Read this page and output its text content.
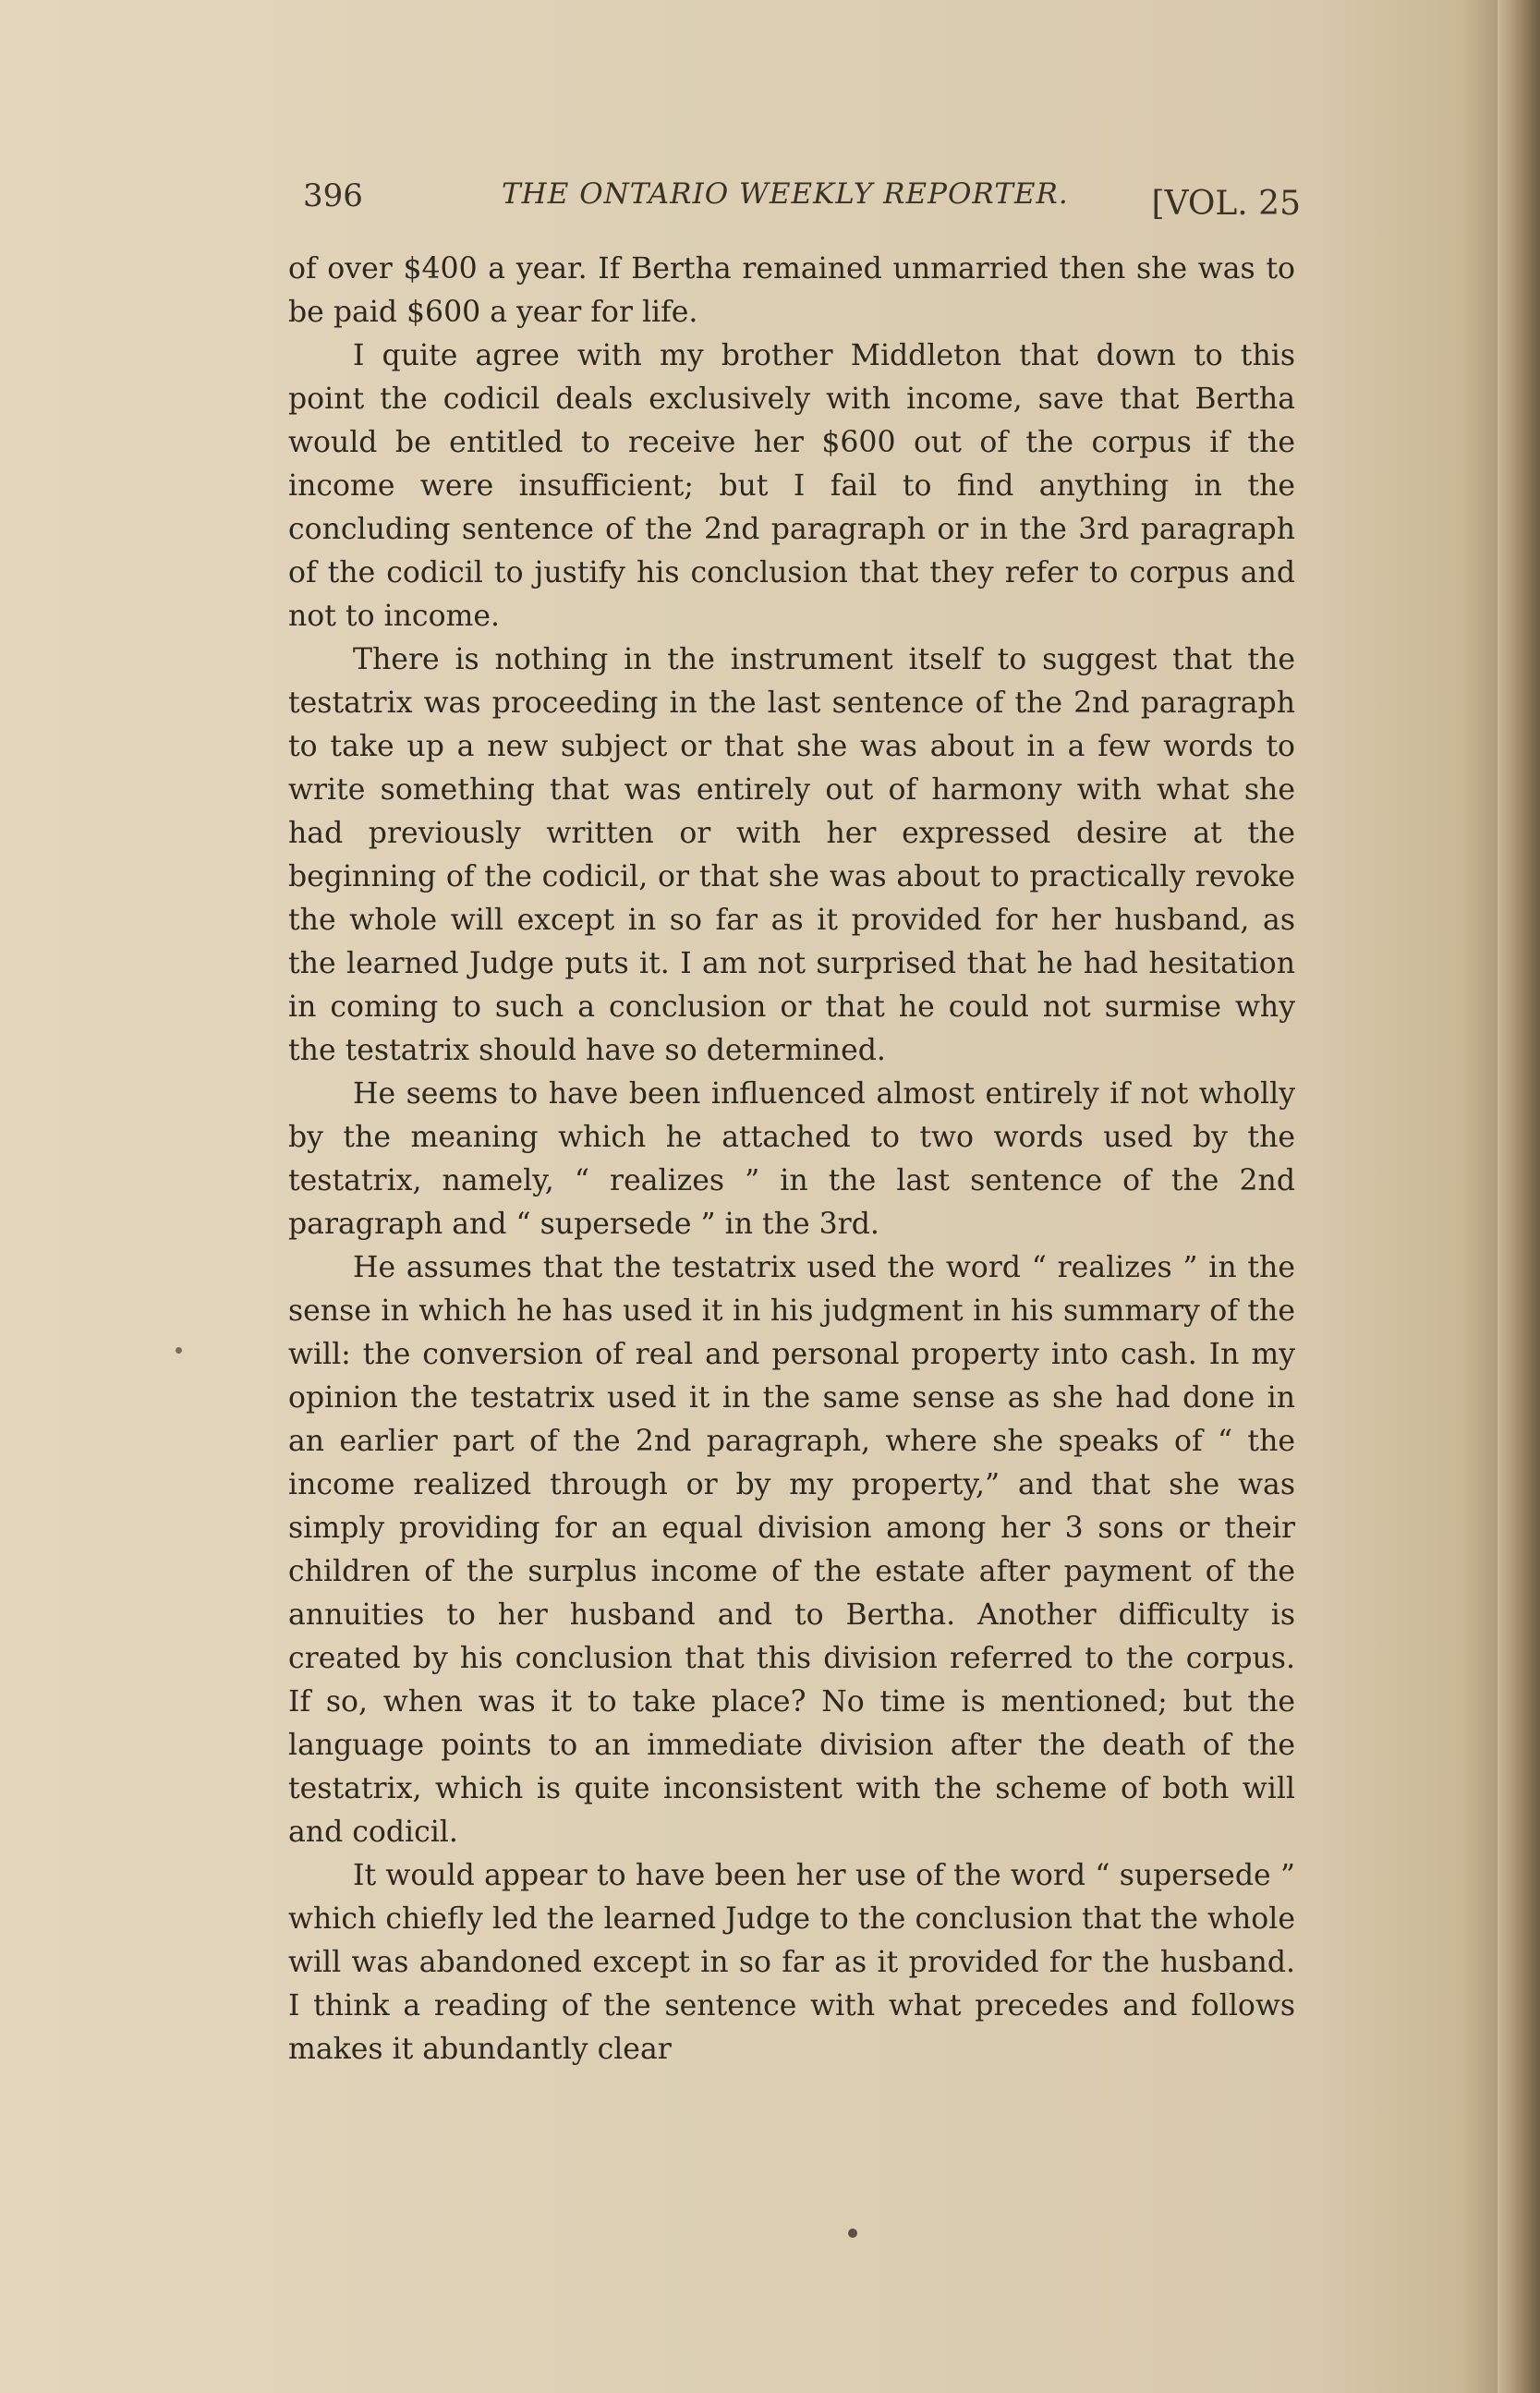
396	THE ONTARIO WEEKLY REPORTER. [VOL. 25

of over $400 a year. If Bertha remained unmarried then she was to be paid $600 a year for life.

I quite agree with my brother Middleton that down to this point the codicil deals exclusively with income, save that Bertha would be entitled to receive her $600 out of the corpus if the income were insufficient; but I fail to find anything in the concluding sentence of the 2nd paragraph or in the 3rd paragraph of the codicil to justify his conclusion that they refer to corpus and not to income.

There is nothing in the instrument itself to suggest that the testatrix was proceeding in the last sentence of the 2nd paragraph to take up a new subject or that she was about in a few words to write something that was entirely out of harmony with what she had previously written or with her expressed desire at the beginning of the codicil, or that she was about to practically revoke the whole will except in so far as it provided for her husband, as the learned Judge puts it. I am not surprised that he had hesitation in coming to such a conclusion or that he could not surmise why the testatrix should have so determined.

He seems to have been influenced almost entirely if not wholly by the meaning which he attached to two words used by the testatrix, namely, “ realizes ” in the last sentence of the 2nd paragraph and “ supersede ” in the 3rd.

He assumes that the testatrix used the word “ realizes ” in the sense in which he has used it in his judgment in his summary of the will: the conversion of real and personal property into cash. In my opinion the testatrix used it in the same sense as she had done in an earlier part of the 2nd paragraph, where she speaks of “ the income realized through or by my property,” and that she was simply providing for an equal division among her 3 sons or their children of the surplus income of the estate after payment of the annuities to her husband and to Bertha. Another difficulty is created by his conclusion that this division referred to the corpus. If so, when was it to take place? No time is mentioned; but the language points to an immediate division after the death of the testatrix, which is quite inconsistent with the scheme of both will and codicil.

It would appear to have been her use of the word “ supersede ” which chiefly led the learned Judge to the conclusion that the whole will was abandoned except in so far as it provided for the husband. I think a reading of the sentence with what precedes and follows makes it abundantly clear
